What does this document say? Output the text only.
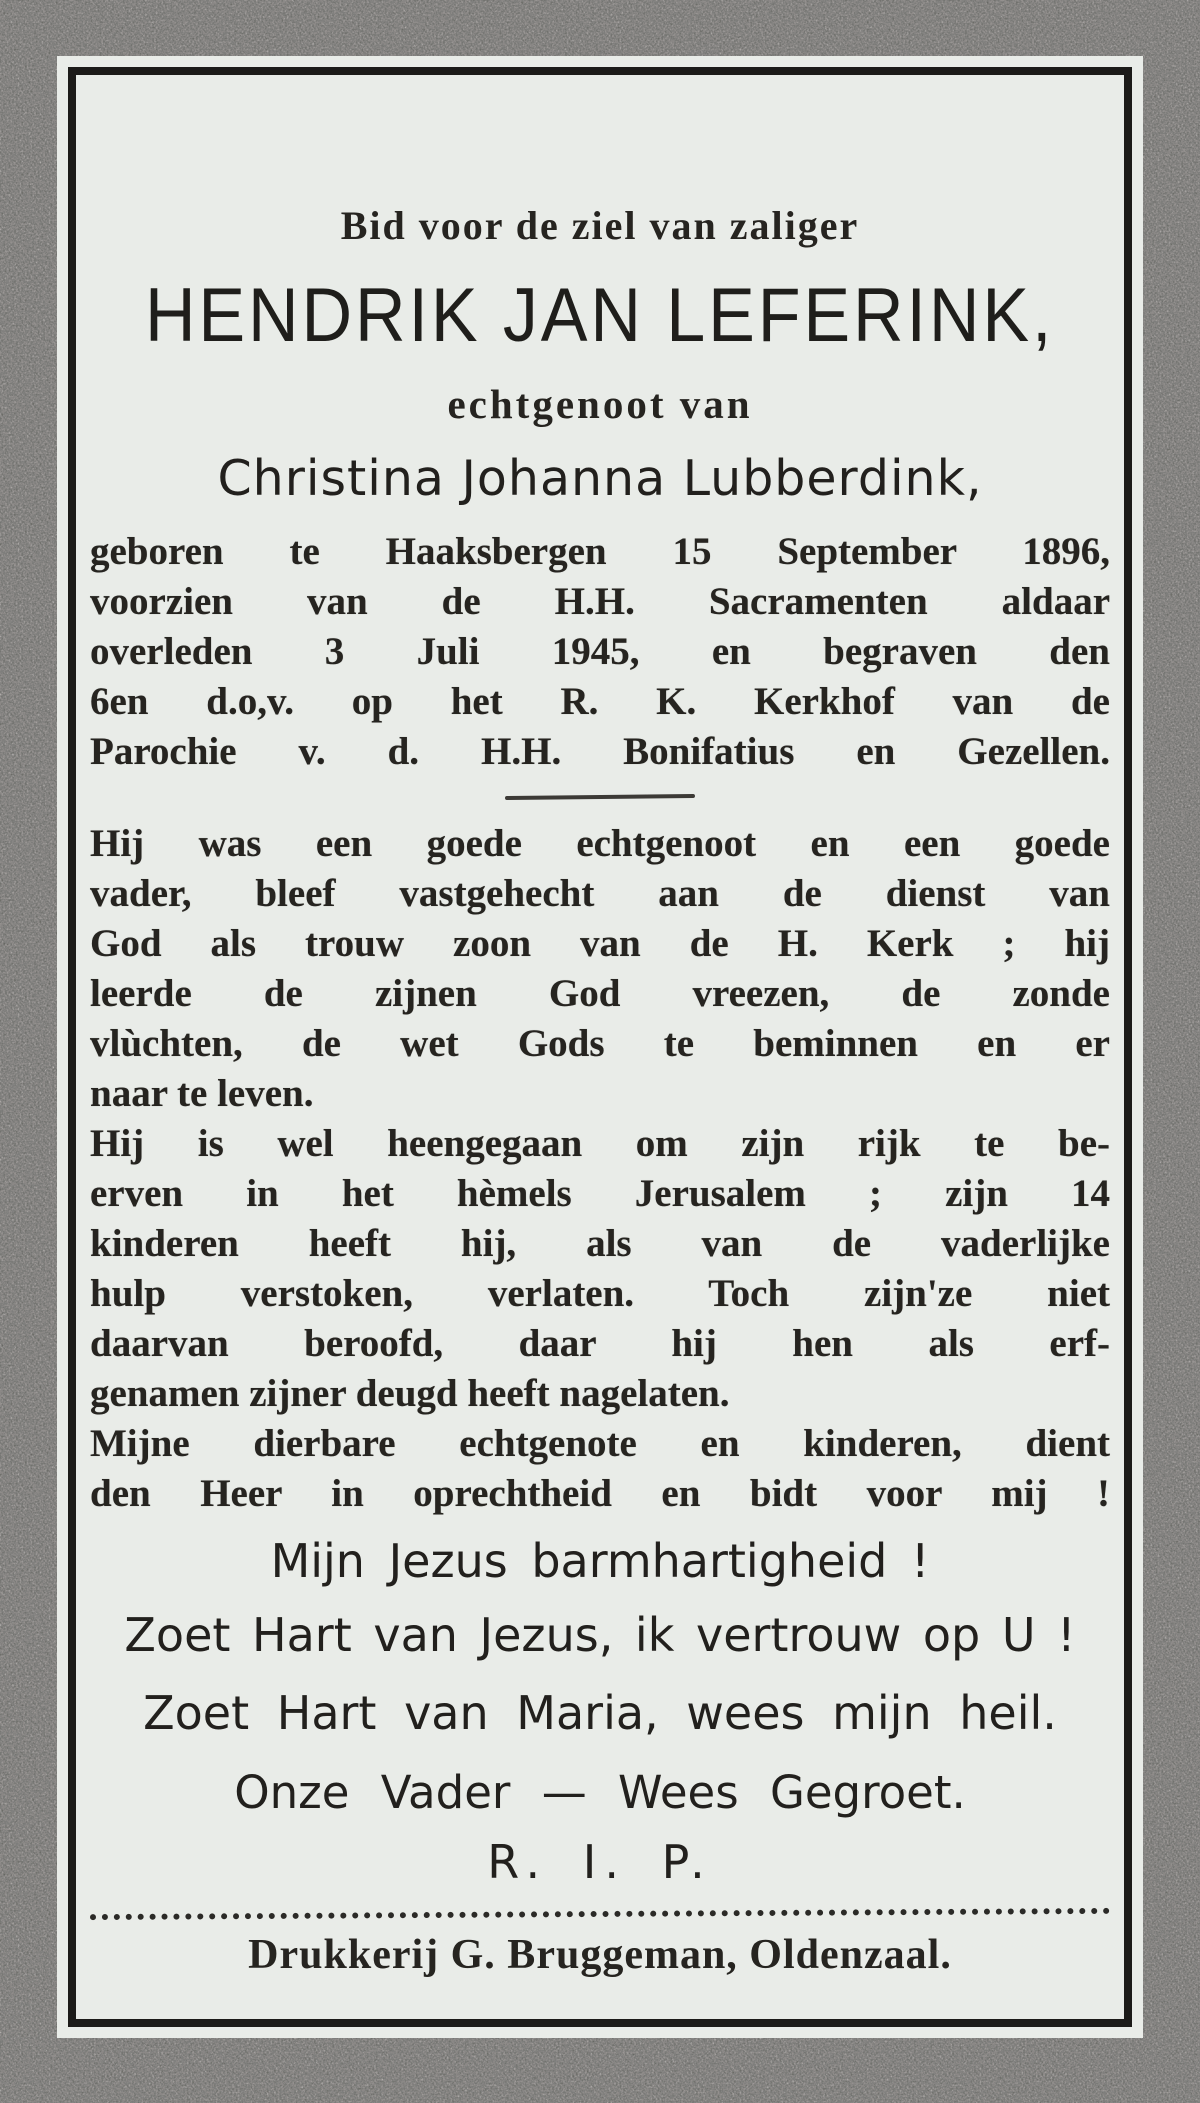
Bid voor de ziel van zaliger
HENDRIK JAN LEFERINK,
echtgenoot van
Christina Johanna Lubberdink,
geboren te Haaksbergen 15 September 1896,
voorzien van de H.H. Sacramenten aldaar
overleden 3 Juli 1945, en begraven den
6en d.o,v. op het R. K. Kerkhof van de
Parochie v. d. H.H. Bonifatius en Gezellen.
Hij was een goede echtgenoot en een goede
vader, bleef vastgehecht aan de dienst van
God als trouw zoon van de H. Kerk ; hij
leerde de zijnen God vreezen, de zonde
vlùchten, de wet Gods te beminnen en er
naar te leven.
Hij is wel heengegaan om zijn rijk te be-
erven in het hèmels Jerusalem ; zijn 14
kinderen heeft hij, als van de vaderlijke
hulp verstoken, verlaten. Toch zijn'ze niet
daarvan beroofd, daar hij hen als erf-
genamen zijner deugd heeft nagelaten.
Mijne dierbare echtgenote en kinderen, dient
den Heer in oprechtheid en bidt voor mij !
Mijn Jezus barmhartigheid !
Zoet Hart van Jezus, ik vertrouw op U !
Zoet Hart van Maria, wees mijn heil.
Onze Vader — Wees Gegroet.
R. I. P.
Drukkerij G. Bruggeman, Oldenzaal.
